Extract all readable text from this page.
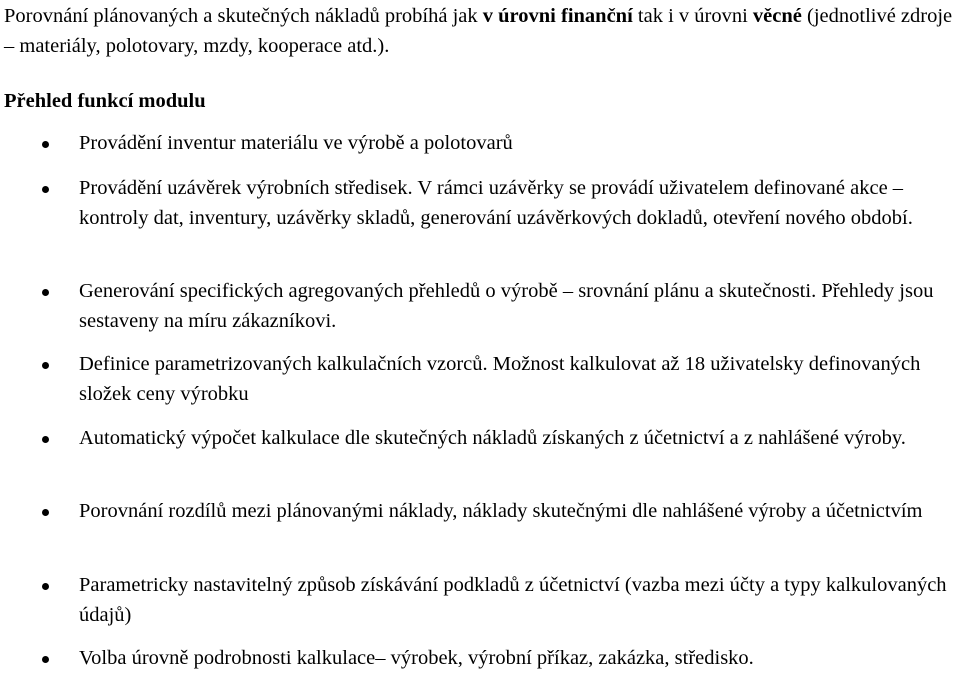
Porovnání plánovaných a skutečných nákladů probíhá jak v úrovni finanční tak i v úrovni věcné (jednotlivé zdroje – materiály, polotovary, mzdy, kooperace atd.).

Přehled funkcí modulu

Provádění inventur materiálu ve výrobě a polotovarů

Provádění uzávěrek výrobních středisek. V rámci uzávěrky se provádí uživatelem definované akce – kontroly dat, inventury, uzávěrky skladů, generování uzávěrkových dokladů, otevření nového období.

Generování specifických agregovaných přehledů o výrobě – srovnání plánu a skutečnosti. Přehledy jsou sestaveny na míru zákazníkovi.

Definice parametrizovaných kalkulačních vzorců. Možnost kalkulovat až 18 uživatelsky definovaných složek ceny výrobku

Automatický výpočet kalkulace dle skutečných nákladů získaných z účetnictví a z nahlášené výroby.

Porovnání rozdílů mezi plánovanými náklady, náklady skutečnými dle nahlášené výroby a účetnictvím

Parametricky nastavitelný způsob získávání podkladů z účetnictví (vazba mezi účty a typy kalkulovaných údajů)

Volba úrovně podrobnosti kalkulace– výrobek, výrobní příkaz, zakázka, středisko.
